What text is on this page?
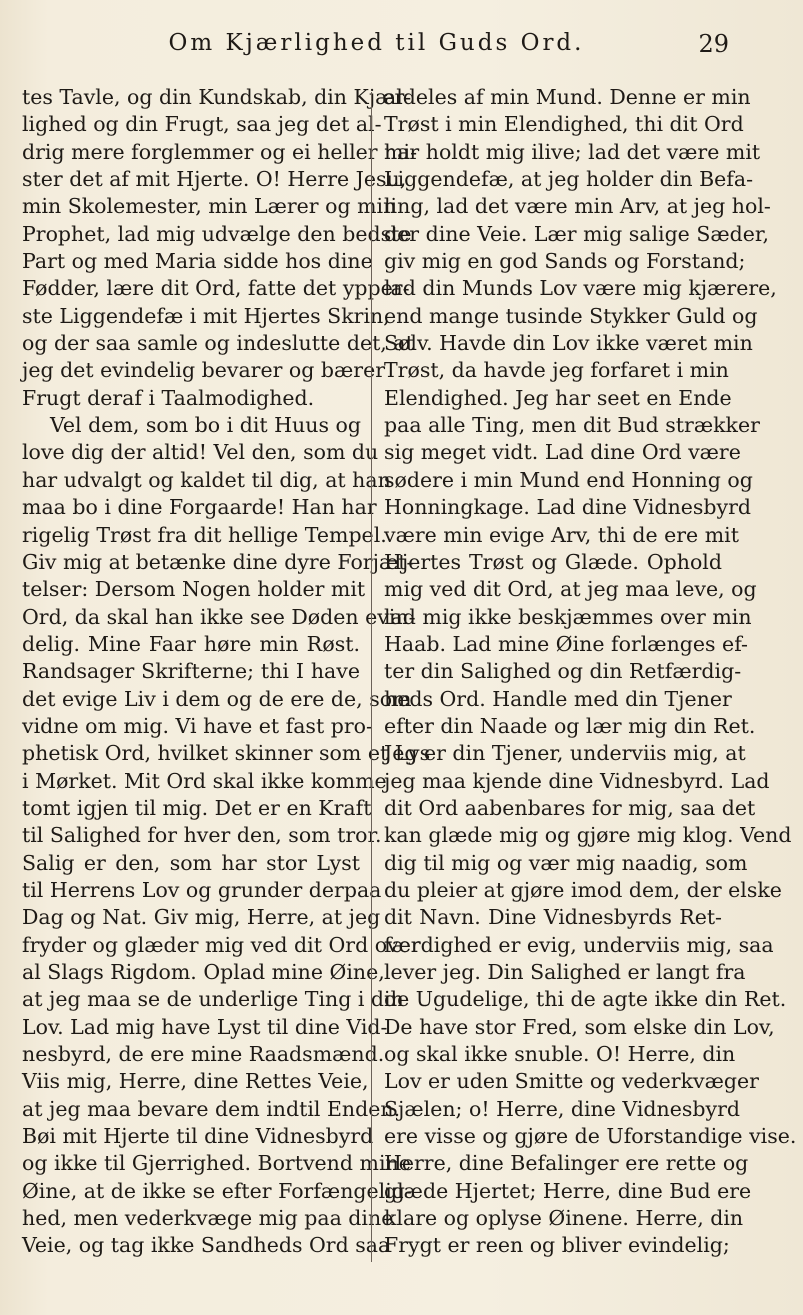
Om Kjærlighed til Guds Ord.	29
tes Tavle, og din Kundskab, din Kjær-
lighed og din Frugt, saa jeg det al-
drig mere forglemmer og ei heller mi-
ster det af mit Hjerte. O! Herre Jesu,
min Skolemester, min Lærer og min
Prophet, lad mig udvælge den bedste
Part og med Maria sidde hos dine
Fødder, lære dit Ord, fatte det ypper-
ste Liggendefæ i mit Hjertes Skrin,
og der saa samle og indeslutte det, at
jeg det evindelig bevarer og bærer
Frugt deraf i Taalmodighed.
Vel dem, som bo i dit Huus og
love dig der altid! Vel den, som du
har udvalgt og kaldet til dig, at han
maa bo i dine Forgaarde! Han har
rigelig Trøst fra dit hellige Tempel.
Giv mig at betænke dine dyre Forjæt-
telser: Dersom Nogen holder mit
Ord, da skal han ikke see Døden evin-
delig. Mine Faar høre min Røst.
Randsager Skrifterne; thi I have
det evige Liv i dem og de ere de, som
vidne om mig. Vi have et fast pro-
phetisk Ord, hvilket skinner som et Lys
i Mørket. Mit Ord skal ikke komme
tomt igjen til mig. Det er en Kraft
til Salighed for hver den, som tror.
Salig er den, som har stor Lyst
til Herrens Lov og grunder derpaa
Dag og Nat. Giv mig, Herre, at jeg
fryder og glæder mig ved dit Ord over
al Slags Rigdom. Oplad mine Øine,
at jeg maa se de underlige Ting i din
Lov. Lad mig have Lyst til dine Vid-
nesbyrd, de ere mine Raadsmænd.
Viis mig, Herre, dine Rettes Veie,
at jeg maa bevare dem indtil Enden.
Bøi mit Hjerte til dine Vidnesbyrd
og ikke til Gjerrighed. Bortvend mine
Øine, at de ikke se efter Forfængelig-
hed, men vederkvæge mig paa dine
Veie, og tag ikke Sandheds Ord saa
aldeles af min Mund. Denne er min
Trøst i min Elendighed, thi dit Ord
har holdt mig ilive; lad det være mit
Liggendefæ, at jeg holder din Befa-
ling, lad det være min Arv, at jeg hol-
der dine Veie. Lær mig salige Sæder,
giv mig en god Sands og Forstand;
lad din Munds Lov være mig kjærere,
end mange tusinde Stykker Guld og
Sølv. Havde din Lov ikke været min
Trøst, da havde jeg forfaret i min
Elendighed. Jeg har seet en Ende
paa alle Ting, men dit Bud strækker
sig meget vidt. Lad dine Ord være
sødere i min Mund end Honning og
Honningkage. Lad dine Vidnesbyrd
være min evige Arv, thi de ere mit
Hjertes Trøst og Glæde. Ophold
mig ved dit Ord, at jeg maa leve, og
lad mig ikke beskjæmmes over min
Haab. Lad mine Øine forlænges ef-
ter din Salighed og din Retfærdig-
heds Ord. Handle med din Tjener
efter din Naade og lær mig din Ret.
Jeg er din Tjener, underviis mig, at
jeg maa kjende dine Vidnesbyrd. Lad
dit Ord aabenbares for mig, saa det
kan glæde mig og gjøre mig klog. Vend
dig til mig og vær mig naadig, som
du pleier at gjøre imod dem, der elske
dit Navn. Dine Vidnesbyrds Ret-
færdighed er evig, underviis mig, saa
lever jeg. Din Salighed er langt fra
de Ugudelige, thi de agte ikke din Ret.
De have stor Fred, som elske din Lov,
og skal ikke snuble. O! Herre, din
Lov er uden Smitte og vederkvæger
Sjælen; o! Herre, dine Vidnesbyrd
ere visse og gjøre de Uforstandige vise.
Herre, dine Befalinger ere rette og
glæde Hjertet; Herre, dine Bud ere
klare og oplyse Øinene. Herre, din
Frygt er reen og bliver evindelig;
